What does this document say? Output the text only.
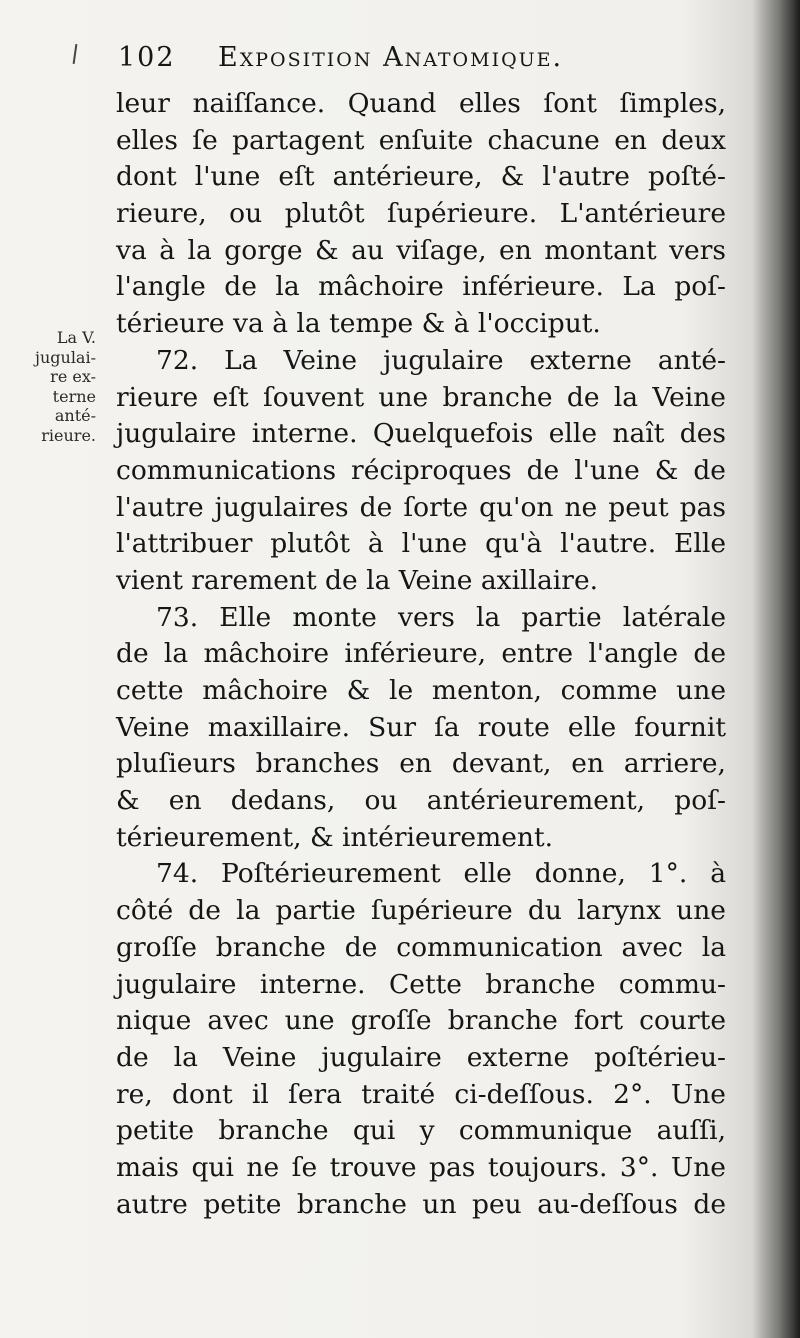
102 Exposition Anatomique.
La V.
jugulai-
re ex-
terne
anté-
rieure.
leur naiſſance. Quand elles ſont ſimples,
elles ſe partagent enſuite chacune en deux
dont l'une eſt antérieure, & l'autre poſté-
rieure, ou plutôt ſupérieure. L'antérieure
va à la gorge & au viſage, en montant vers
l'angle de la mâchoire inférieure. La poſ-
térieure va à la tempe & à l'occiput.
72. La Veine jugulaire externe anté-
rieure eſt ſouvent une branche de la Veine
jugulaire interne. Quelquefois elle naît des
communications réciproques de l'une & de
l'autre jugulaires de ſorte qu'on ne peut pas
l'attribuer plutôt à l'une qu'à l'autre. Elle
vient rarement de la Veine axillaire.
73. Elle monte vers la partie latérale
de la mâchoire inférieure, entre l'angle de
cette mâchoire & le menton, comme une
Veine maxillaire. Sur ſa route elle fournit
pluſieurs branches en devant, en arriere,
& en dedans, ou antérieurement, poſ-
térieurement, & intérieurement.
74. Poſtérieurement elle donne, 1°. à
côté de la partie ſupérieure du larynx une
groſſe branche de communication avec la
jugulaire interne. Cette branche commu-
nique avec une groſſe branche fort courte
de la Veine jugulaire externe poſtérieu-
re, dont il ſera traité ci-deſſous. 2°. Une
petite branche qui y communique auſſi,
mais qui ne ſe trouve pas toujours. 3°. Une
autre petite branche un peu au-deſſous de
